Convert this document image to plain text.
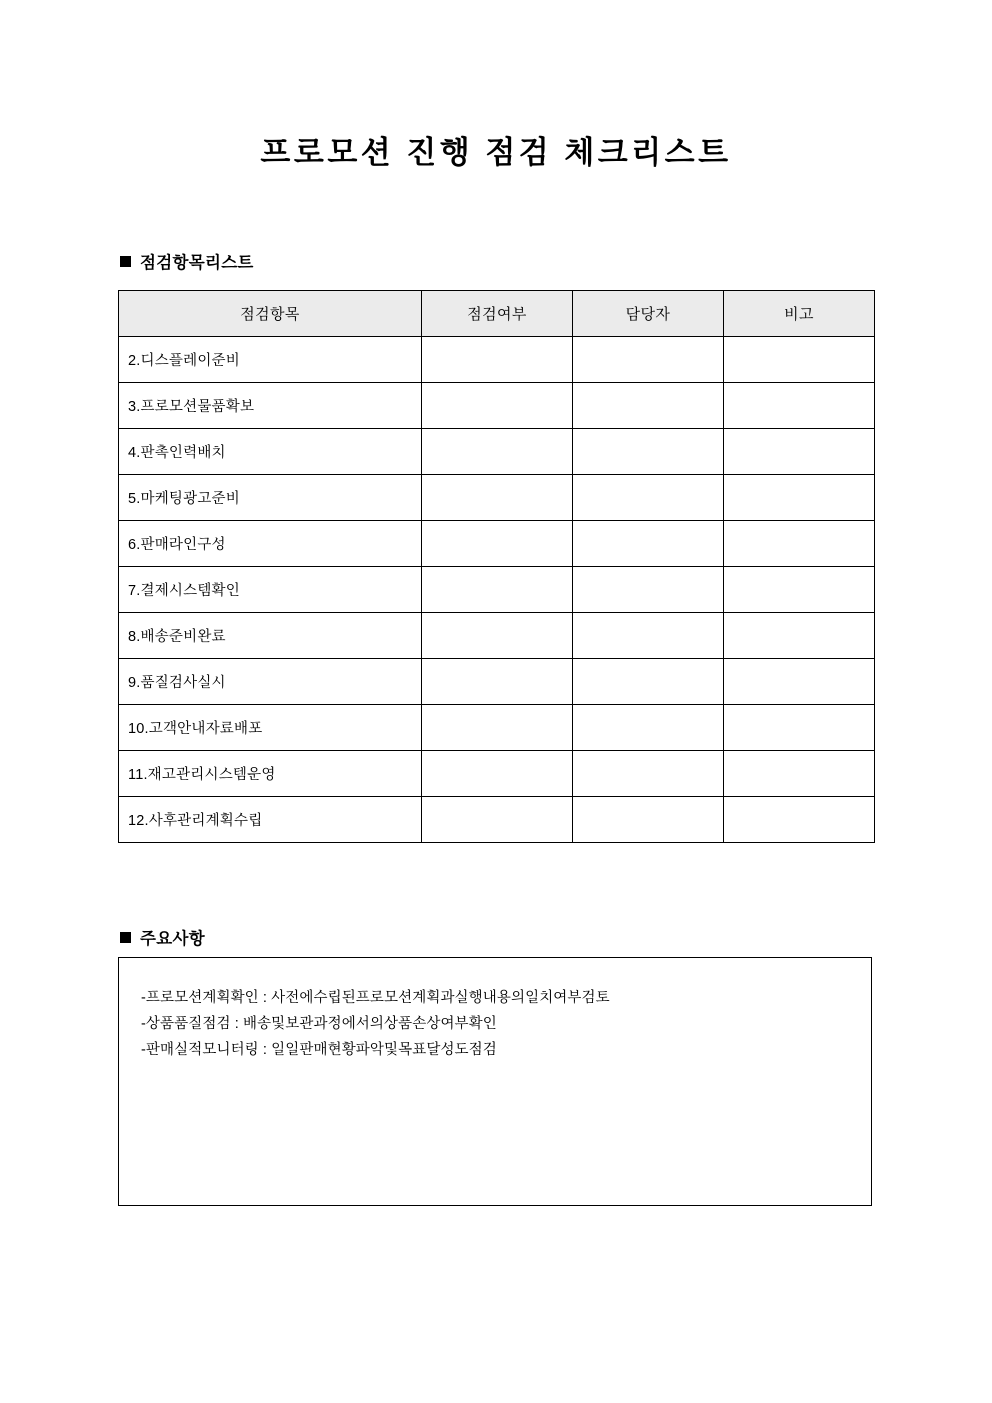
프로모션 진행 점검 체크리스트
점검항목리스트
점검항목	점검여부	담당자	비고
2.디스플레이준비			
3.프로모션물품확보			
4.판촉인력배치			
5.마케팅광고준비			
6.판매라인구성			
7.결제시스템확인			
8.배송준비완료			
9.품질검사실시			
10.고객안내자료배포			
11.재고관리시스템운영			
12.사후관리계획수립			
주요사항
-프로모션계획확인 : 사전에수립된프로모션계획과실행내용의일치여부검토
-상품품질점검 : 배송및보관과정에서의상품손상여부확인
-판매실적모니터링 : 일일판매현황파악및목표달성도점검
